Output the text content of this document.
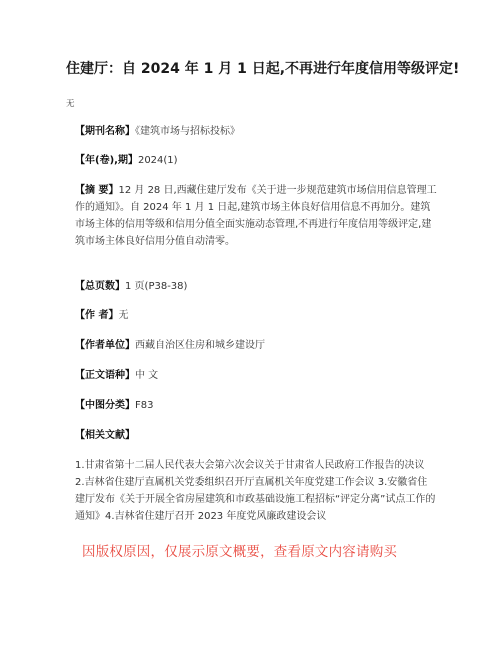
住建厅：自 2024 年 1 月 1 日起,不再进行年度信用等级评定!
无
【期刊名称】《建筑市场与招标投标》
【年(卷),期】2024(1)
【摘 要】12 月 28 日,西藏住建厅发布《关于进一步规范建筑市场信用信息管理工作的通知》。自 2024 年 1 月 1 日起,建筑市场主体良好信用信息不再加分。建筑市场主体的信用等级和信用分值全面实施动态管理,不再进行年度信用等级评定,建筑市场主体良好信用分值自动清零。
【总页数】1 页(P38-38)
【作 者】无
【作者单位】西藏自治区住房和城乡建设厅
【正文语种】中 文
【中图分类】F83
【相关文献】
1.甘肃省第十二届人民代表大会第六次会议关于甘肃省人民政府工作报告的决议 2.吉林省住建厅直属机关党委组织召开厅直属机关年度党建工作会议 3.安徽省住建厅发布《关于开展全省房屋建筑和市政基础设施工程招标“评定分离”试点工作的通知》4.吉林省住建厅召开 2023 年度党风廉政建设会议
因版权原因，仅展示原文概要，查看原文内容请购买
